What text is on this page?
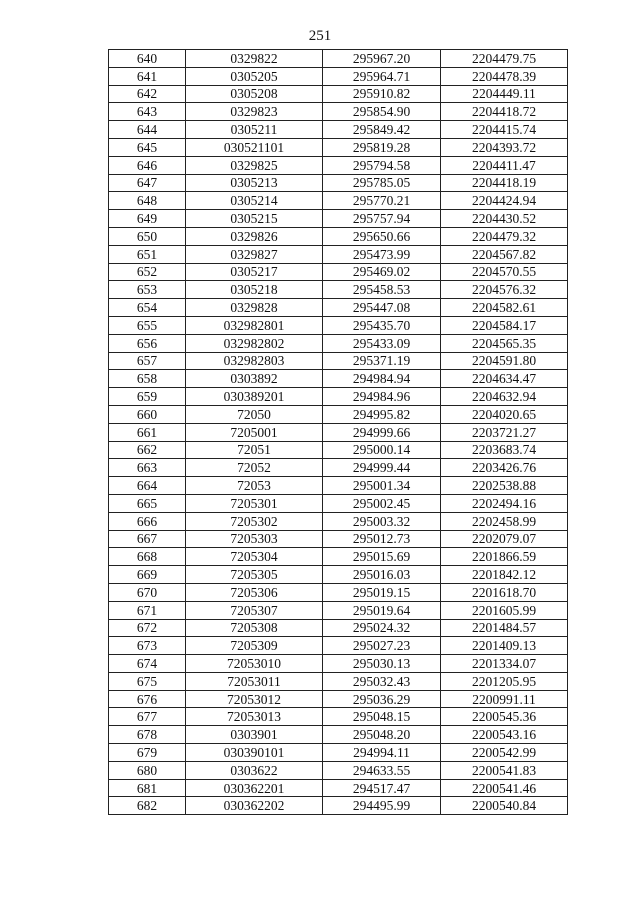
251
640	0329822	295967.20	2204479.75
641	0305205	295964.71	2204478.39
642	0305208	295910.82	2204449.11
643	0329823	295854.90	2204418.72
644	0305211	295849.42	2204415.74
645	030521101	295819.28	2204393.72
646	0329825	295794.58	2204411.47
647	0305213	295785.05	2204418.19
648	0305214	295770.21	2204424.94
649	0305215	295757.94	2204430.52
650	0329826	295650.66	2204479.32
651	0329827	295473.99	2204567.82
652	0305217	295469.02	2204570.55
653	0305218	295458.53	2204576.32
654	0329828	295447.08	2204582.61
655	032982801	295435.70	2204584.17
656	032982802	295433.09	2204565.35
657	032982803	295371.19	2204591.80
658	0303892	294984.94	2204634.47
659	030389201	294984.96	2204632.94
660	72050	294995.82	2204020.65
661	7205001	294999.66	2203721.27
662	72051	295000.14	2203683.74
663	72052	294999.44	2203426.76
664	72053	295001.34	2202538.88
665	7205301	295002.45	2202494.16
666	7205302	295003.32	2202458.99
667	7205303	295012.73	2202079.07
668	7205304	295015.69	2201866.59
669	7205305	295016.03	2201842.12
670	7205306	295019.15	2201618.70
671	7205307	295019.64	2201605.99
672	7205308	295024.32	2201484.57
673	7205309	295027.23	2201409.13
674	72053010	295030.13	2201334.07
675	72053011	295032.43	2201205.95
676	72053012	295036.29	2200991.11
677	72053013	295048.15	2200545.36
678	0303901	295048.20	2200543.16
679	030390101	294994.11	2200542.99
680	0303622	294633.55	2200541.83
681	030362201	294517.47	2200541.46
682	030362202	294495.99	2200540.84
